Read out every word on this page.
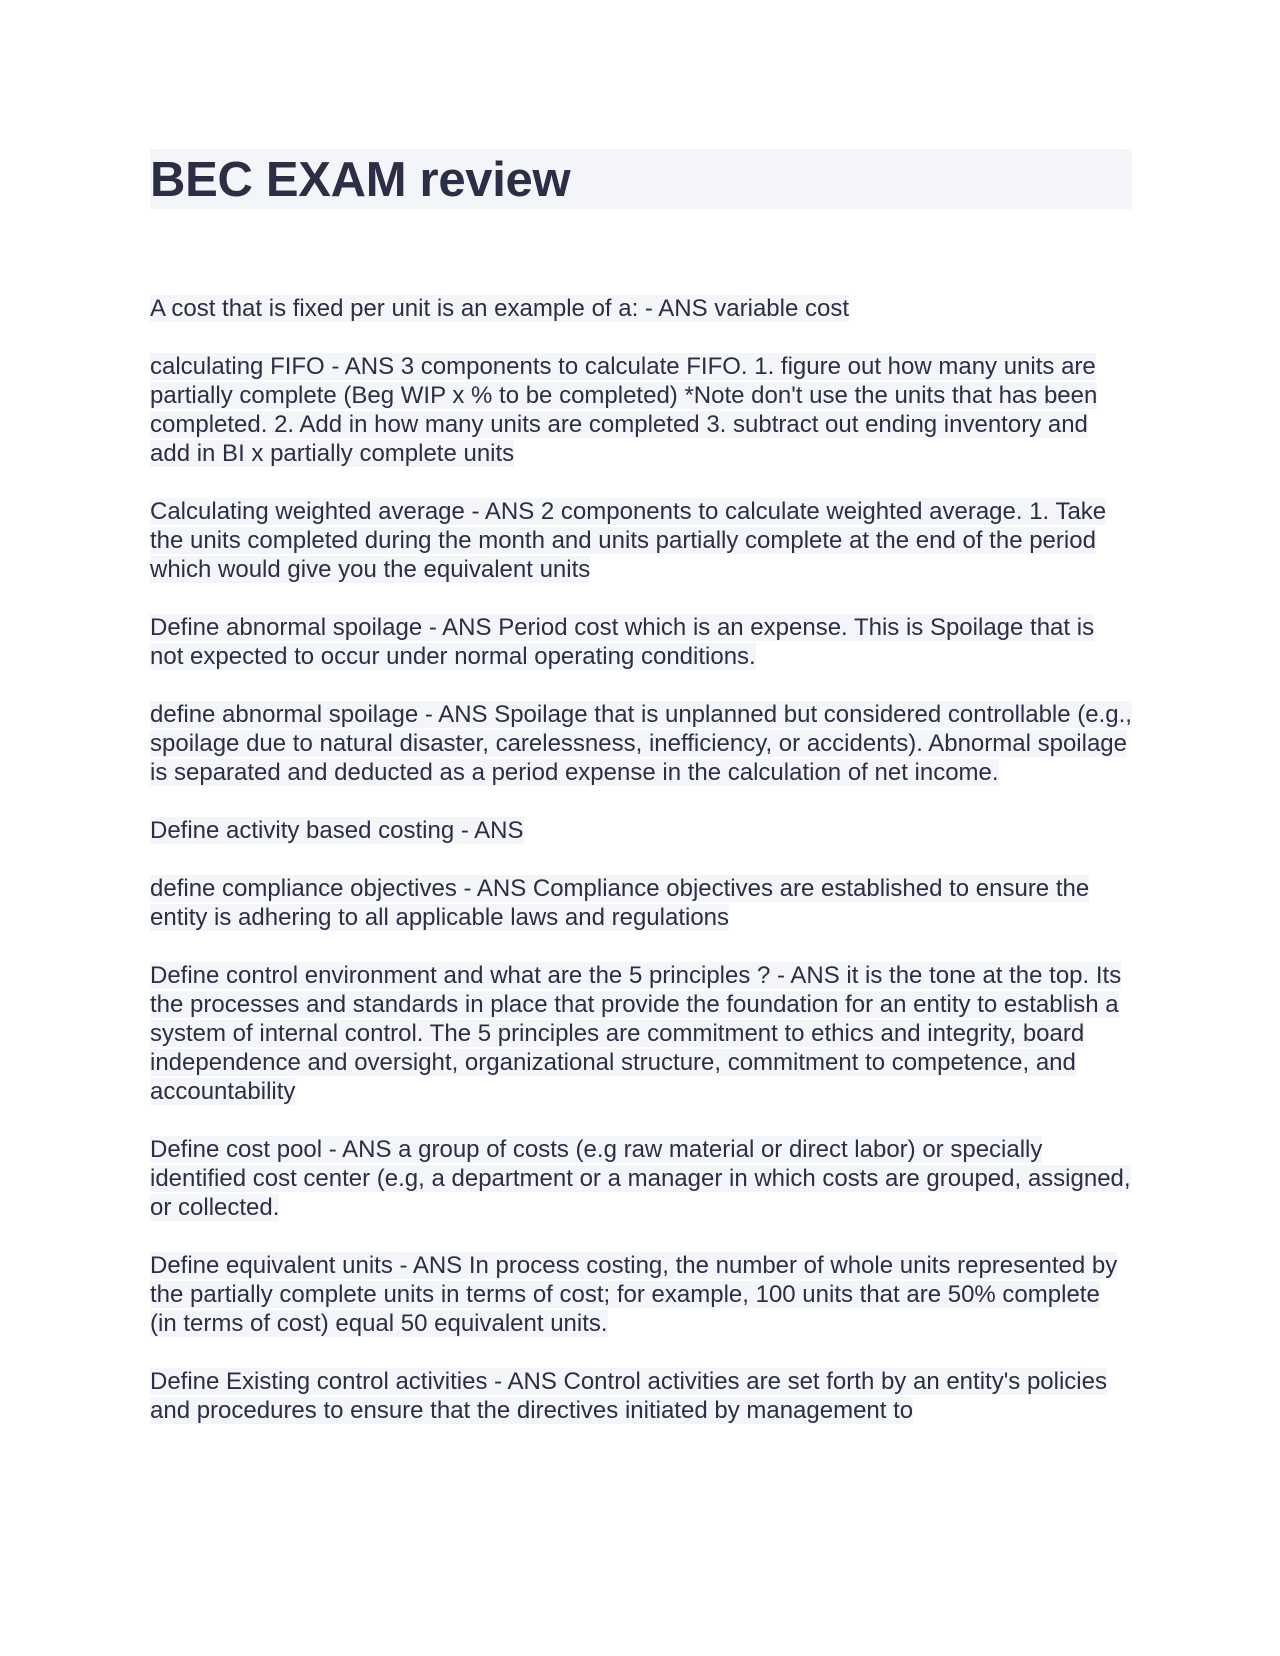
BEC EXAM review

A cost that is fixed per unit is an example of a: - ANS variable cost

calculating FIFO - ANS 3 components to calculate FIFO. 1. figure out how many units are partially complete (Beg WIP x % to be completed) *Note don't use the units that has been completed. 2. Add in how many units are completed 3. subtract out ending inventory and add in BI x partially complete units

Calculating weighted average - ANS 2 components to calculate weighted average. 1. Take the units completed during the month and units partially complete at the end of the period which would give you the equivalent units

Define abnormal spoilage - ANS Period cost which is an expense. This is Spoilage that is not expected to occur under normal operating conditions.

define abnormal spoilage - ANS Spoilage that is unplanned but considered controllable (e.g., spoilage due to natural disaster, carelessness, inefficiency, or accidents). Abnormal spoilage is separated and deducted as a period expense in the calculation of net income.

Define activity based costing - ANS

define compliance objectives - ANS Compliance objectives are established to ensure the entity is adhering to all applicable laws and regulations

Define control environment and what are the 5 principles ? - ANS it is the tone at the top. Its the processes and standards in place that provide the foundation for an entity to establish a system of internal control. The 5 principles are commitment to ethics and integrity, board independence and oversight, organizational structure, commitment to competence, and accountability

Define cost pool - ANS a group of costs (e.g raw material or direct labor) or specially identified cost center (e.g, a department or a manager in which costs are grouped, assigned, or collected.

Define equivalent units - ANS In process costing, the number of whole units represented by the partially complete units in terms of cost; for example, 100 units that are 50% complete (in terms of cost) equal 50 equivalent units.

Define Existing control activities - ANS Control activities are set forth by an entity's policies and procedures to ensure that the directives initiated by management to
